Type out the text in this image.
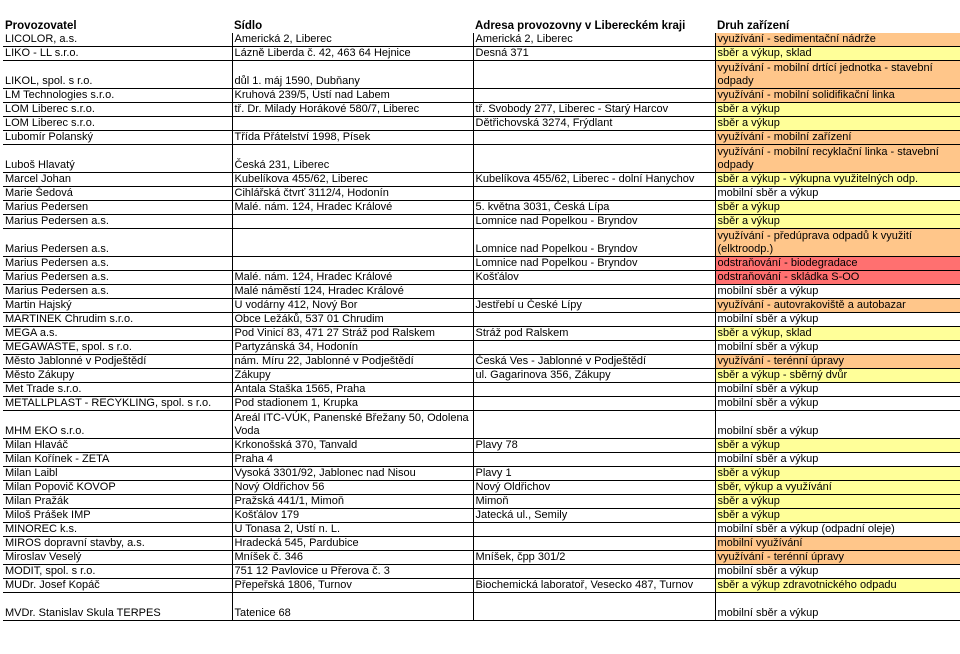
Provozovatel	Sídlo	Adresa provozovny v Libereckém kraji	Druh zařízení
LICOLOR, a.s.	Americká 2, Liberec	Americká 2, Liberec	využívání - sedimentační nádrže
LIKO - LL s.r.o.	Lázně Liberda č. 42, 463 64 Hejnice	Desná 371	sběr a výkup, sklad
LIKOL, spol. s r.o.	důl 1. máj 1590, Dubňany		využívání - mobilní drtící jednotka - stavební odpady
LM Technologies s.r.o.	Kruhová 239/5, Ústí nad Labem		využívání - mobilní solidifikační linka
LOM Liberec s.r.o.	tř. Dr. Milady Horákové 580/7, Liberec	tř. Svobody 277, Liberec - Starý Harcov	sběr a výkup
LOM Liberec s.r.o.		Dětřichovská 3274, Frýdlant	sběr a výkup
Lubomír Polanský	Třída Přátelství 1998, Písek		využívání - mobilní zařízení
Luboš Hlavatý	Česká 231, Liberec		využívání - mobilní recyklační linka - stavební odpady
Marcel Johan	Kubelíkova 455/62, Liberec	Kubelíkova 455/62, Liberec - dolní Hanychov	sběr a výkup - výkupna využitelných odp.
Marie Šedová	Cihlářská čtvrť 3112/4, Hodonín		mobilní sběr a výkup
Marius Pedersen	Malé. nám. 124, Hradec Králové	5. května 3031, Česká Lípa	sběr a výkup
Marius Pedersen a.s.		Lomnice nad Popelkou - Bryndov	sběr a výkup
Marius Pedersen a.s.		Lomnice nad Popelkou - Bryndov	využívání - předúprava odpadů k využití (elktroodp.)
Marius Pedersen a.s.		Lomnice nad Popelkou - Bryndov	odstraňování - biodegradace
Marius Pedersen a.s.	Malé. nám. 124, Hradec Králové	Košťálov	odstraňování - skládka S-OO
Marius Pedersen a.s.	Malé náměstí 124, Hradec Králové		mobilní sběr a výkup
Martin Hajský	U vodárny 412, Nový Bor	Jestřebí u České Lípy	využívání - autovrakoviště a autobazar
MARTINEK Chrudim s.r.o.	Obce Ležáků, 537 01 Chrudim		mobilní sběr a výkup
MEGA a.s.	Pod Vinicí 83, 471 27 Stráž pod Ralskem	Stráž pod Ralskem	sběr a výkup, sklad
MEGAWASTE, spol. s r.o.	Partyzánská 34, Hodonín		mobilní sběr a výkup
Město Jablonné v Podještědí	nám. Míru 22, Jablonné v Podještědí	Česká Ves - Jablonné v Podještědí	využívání - terénní úpravy
Město Zákupy	Zákupy	ul. Gagarinova 356, Zákupy	sběr a výkup - sběrný dvůr
Met Trade s.r.o.	Antala Staška 1565, Praha		mobilní sběr a výkup
METALLPLAST - RECYKLING, spol. s r.o.	Pod stadionem 1, Krupka		mobilní sběr a výkup
MHM EKO s.r.o.	Areál ITC-VÚK, Panenské Břežany 50, Odolena Voda		mobilní sběr a výkup
Milan Hlaváč	Krkonošská 370, Tanvald	Plavy 78	sběr a výkup
Milan Kořínek - ZETA	Praha 4		mobilní sběr a výkup
Milan Laibl	Vysoká 3301/92, Jablonec nad Nisou	Plavy 1	sběr a výkup
Milan Popovič KOVOP	Nový Oldřichov 56	Nový Oldřichov	sběr, výkup a využívání
Milan Pražák	Pražská 441/1, Mimoň	Mimoň	sběr a výkup
Miloš Prášek IMP	Košťálov 179	Jatecká ul., Semily	sběr a výkup
MINOREC k.s.	U Tonasa 2, Ústí n. L.		mobilní sběr a výkup (odpadní oleje)
MIROS dopravní stavby, a.s.	Hradecká 545, Pardubice		mobilní využívání
Miroslav Veselý	Mníšek č. 346	Mníšek, čpp 301/2	využívání - terénní úpravy
MODIT, spol. s r.o.	751 12 Pavlovice u Přerova č. 3		mobilní sběr a výkup
MUDr. Josef Kopáč	Přepeřská 1806, Turnov	Biochemická laboratoř, Vesecko 487, Turnov	sběr a výkup zdravotnického odpadu
MVDr. Stanislav Skula TERPES	Tatenice 68		mobilní sběr a výkup
